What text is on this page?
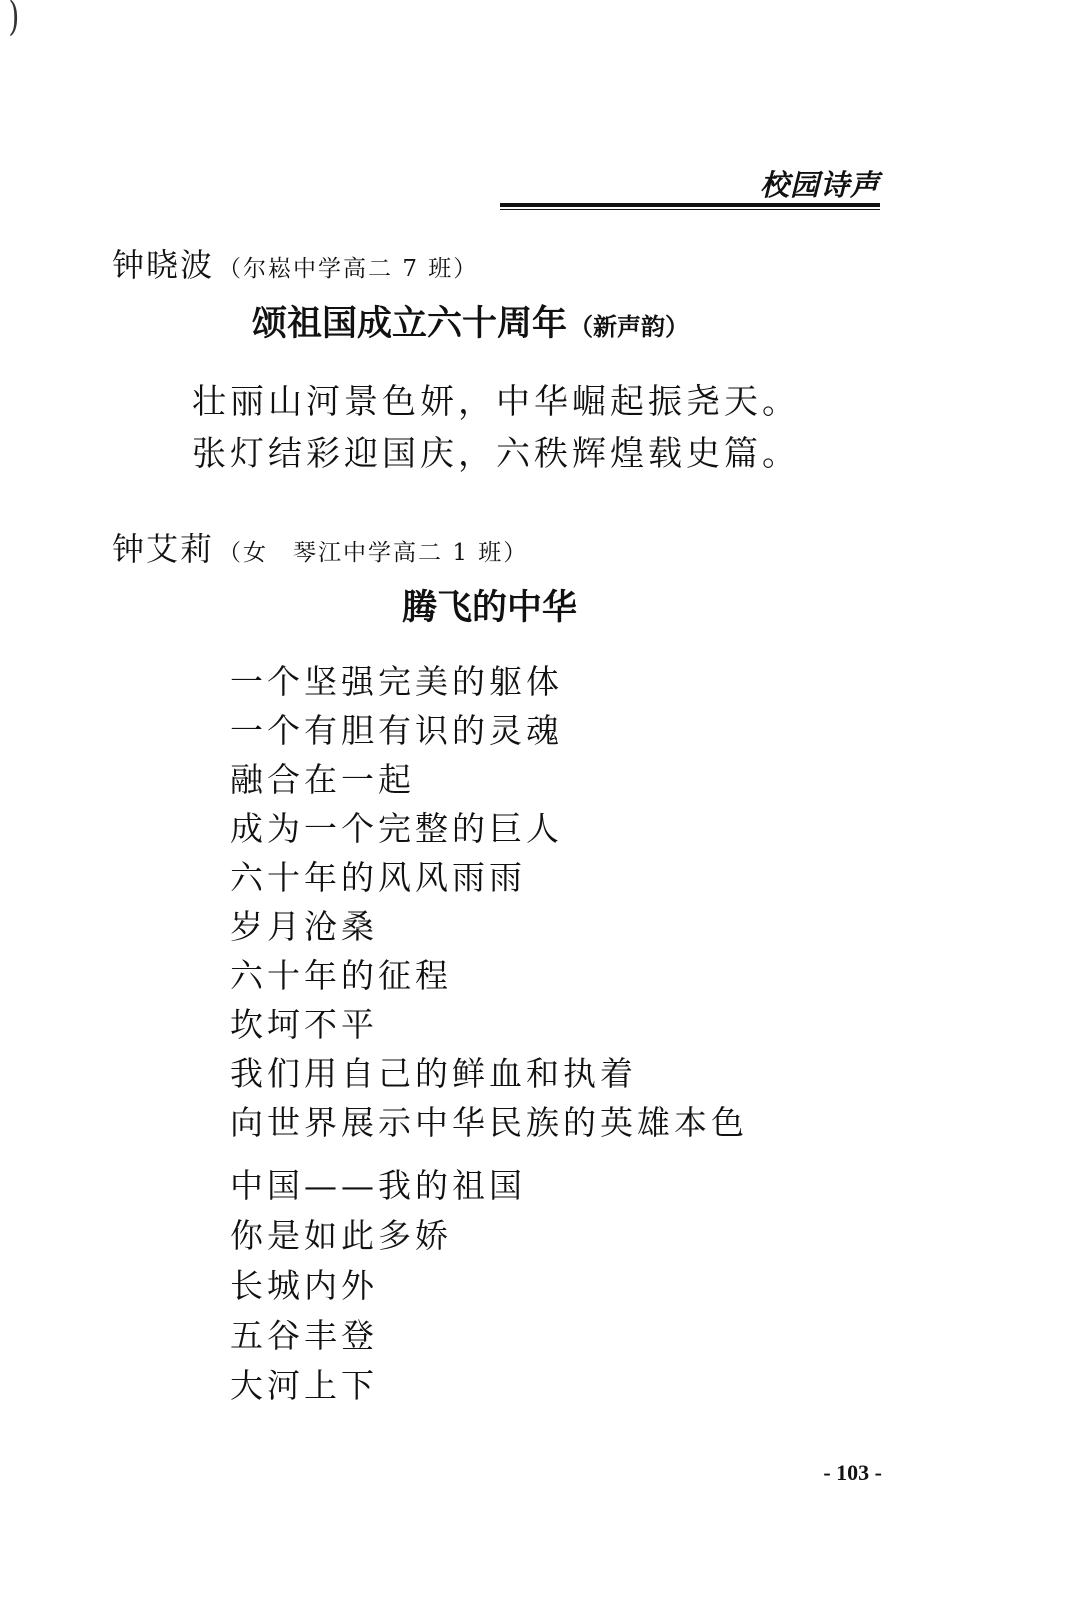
)
校园诗声
钟晓波 （尔崧中学高二 7 班）
颂祖国成立六十周年（新声韵）
壮丽山河景色妍，中华崛起振尧天。
张灯结彩迎国庆，六秩辉煌载史篇。
钟艾莉 （女　琴江中学高二 1 班）
腾飞的中华
一个坚强完美的躯体
一个有胆有识的灵魂
融合在一起
成为一个完整的巨人
六十年的风风雨雨
岁月沧桑
六十年的征程
坎坷不平
我们用自己的鲜血和执着
向世界展示中华民族的英雄本色
中国——我的祖国
你是如此多娇
长城内外
五谷丰登
大河上下
- 103 -
